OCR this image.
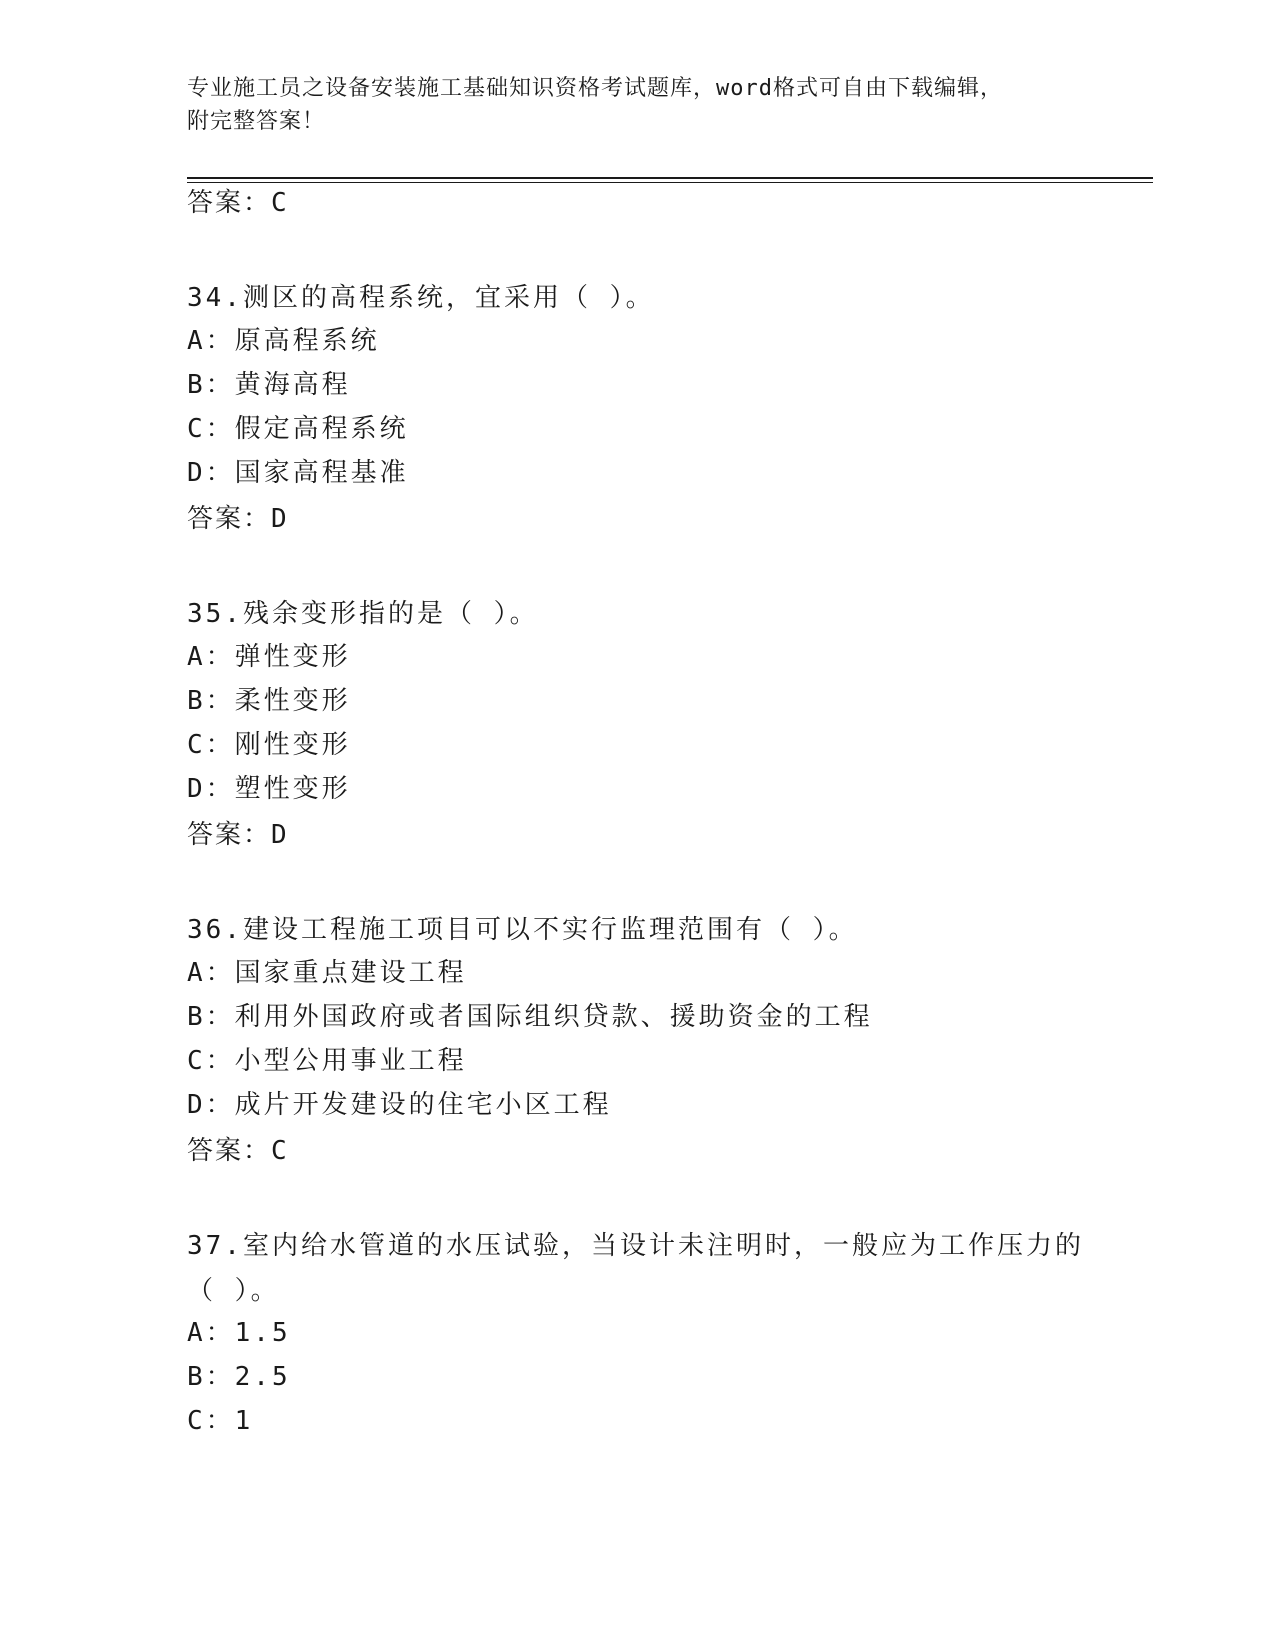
专业施工员之设备安装施工基础知识资格考试题库，word格式可自由下载编辑，
附完整答案！
答案：C
34.测区的高程系统，宜采用（ ）。
A：原高程系统
B：黄海高程
C：假定高程系统
D：国家高程基准
答案：D
35.残余变形指的是（ ）。
A：弹性变形
B：柔性变形
C：刚性变形
D：塑性变形
答案：D
36.建设工程施工项目可以不实行监理范围有（ ）。
A：国家重点建设工程
B：利用外国政府或者国际组织贷款、援助资金的工程
C：小型公用事业工程
D：成片开发建设的住宅小区工程
答案：C
37.室内给水管道的水压试验，当设计未注明时，一般应为工作压力的
（ ）。
A：1.5
B：2.5
C：1
